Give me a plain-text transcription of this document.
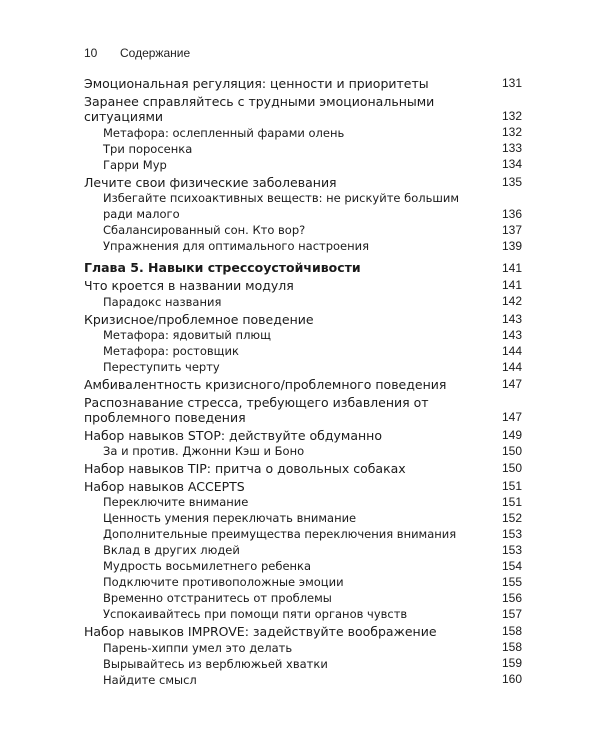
10 Содержание
Эмоциональная регуляция: ценности и приоритеты	131
Заранее справляйтесь с трудными эмоциональными ситуациями	132
Метафора: ослепленный фарами олень	132
Три поросенка	133
Гарри Мур	134
Лечите свои физические заболевания	135
Избегайте психоактивных веществ: не рискуйте большим ради малого	136
Сбалансированный сон. Кто вор?	137
Упражнения для оптимального настроения	139
Глава 5. Навыки стрессоустойчивости	141
Что кроется в названии модуля	141
Парадокс названия	142
Кризисное/проблемное поведение	143
Метафора: ядовитый плющ	143
Метафора: ростовщик	144
Переступить черту	144
Амбивалентность кризисного/проблемного поведения	147
Распознавание стресса, требующего избавления от проблемного поведения	147
Набор навыков STOP: действуйте обдуманно	149
За и против. Джонни Кэш и Боно	150
Набор навыков TIP: притча о довольных собаках	150
Набор навыков ACCEPTS	151
Переключите внимание	151
Ценность умения переключать внимание	152
Дополнительные преимущества переключения внимания	153
Вклад в других людей	153
Мудрость восьмилетнего ребенка	154
Подключите противоположные эмоции	155
Временно отстранитесь от проблемы	156
Успокаивайтесь при помощи пяти органов чувств	157
Набор навыков IMPROVE: задействуйте воображение	158
Парень-хиппи умел это делать	158
Вырывайтесь из верблюжьей хватки	159
Найдите смысл	160
